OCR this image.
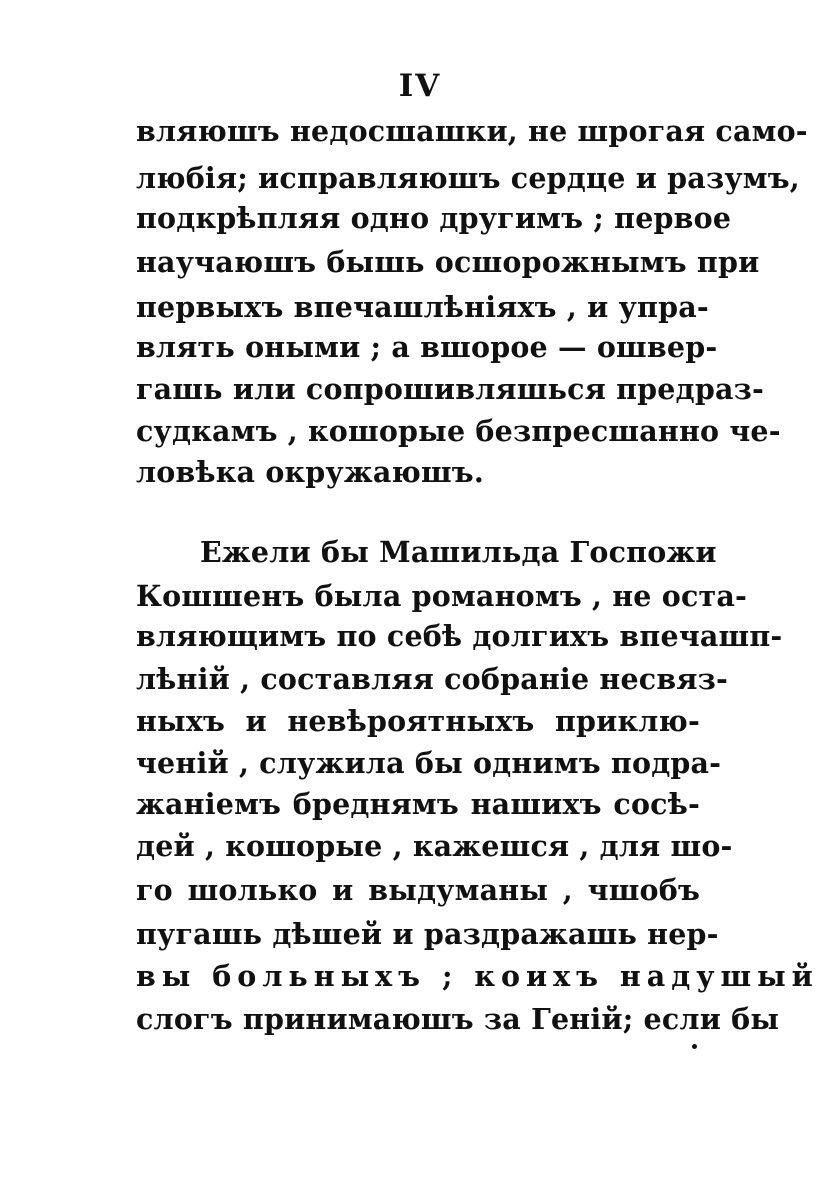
IV
вляюшъ недосшашки, не шрогая само-
любія; исправляюшъ сердце и разумъ,
подкрѣпляя одно другимъ ; первое
научаюшъ бышь осшорожнымъ при
первыхъ впечашлѣніяхъ , и упра-
влять оными ; а вшорое — ошвер-
гашь или сопрошивляшься предраз-
судкамъ , кошорые безпресшанно че-
ловѣка окружаюшъ.
Ежели бы Машильда Госпожи
Кошшенъ была романомъ , не оста-
вляющимъ по себѣ долгихъ впечашп-
лѣній , составляя собраніе несвяз-
ныхъ и невѣроятныхъ приклю-
ченій , служила бы однимъ подра-
жаніемъ бреднямъ нашихъ сосѣ-
дей , кошорые , кажешся , для шо-
го шолько и выдуманы , чшобъ
пугашь дѣшей и раздражашь нер-
вы больныхъ ; коихъ надушый
слогъ принимаюшъ за Геній; если бы
